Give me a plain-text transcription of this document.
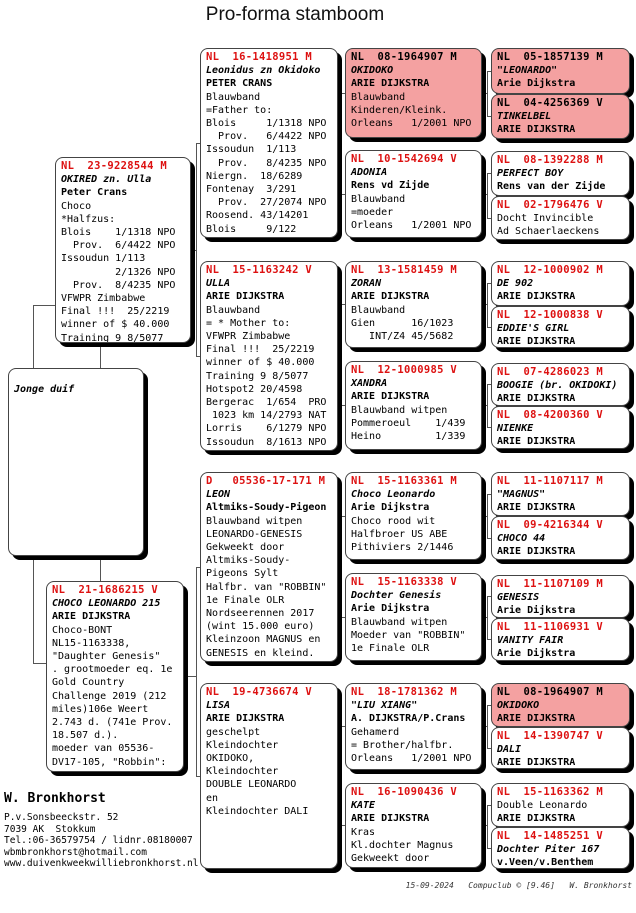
Pro-forma stamboom
W. Bronkhorst
P.v.Sonsbeeckstr. 52
7039 AK  Stokkum
Tel.:06-36579754 / lidnr.08180007
wbmbronkhorst@hotmail.com
www.duivenkweekwilliebronkhorst.nl
15-09-2024   Compuclub © [9.46]   W. Bronkhorst
NL  23-9228544 M
OKIRED zn. Ulla
Peter Crans
Choco
*Halfzus:
Blois    1/1318 NPO
Prov.  6/4422 NPO
Issoudun 1/113
2/1326 NPO
Prov.  8/4235 NPO
VFWPR Zimbabwe
Final !!!  25/2219
winner of $ 40.000
Training 9 8/5077
Jonge duif
NL  21-1686215 V
CHOCO LEONARDO 215
ARIE DIJKSTRA
Choco-BONT
NL15-1163338,
"Daughter Genesis"
. grootmoeder eq. 1e
Gold Country
Challenge 2019 (212
miles)106e Weert
2.743 d. (741e Prov.
18.507 d.).
moeder van 05536-
DV17-105, "Robbin":
NL  16-1418951 M
Leonidus zn Okidoko
PETER CRANS
Blauwband
=Father to:
Blois     1/1318 NPO
Prov.   6/4422 NPO
Issoudun  1/113
Prov.   8/4235 NPO
Niergn.  18/6289
Fontenay  3/291
Prov.  27/2074 NPO
Roosend. 43/14201
Blois     9/122
NL  15-1163242 V
ULLA
ARIE DIJKSTRA
Blauwband
= * Mother to:
VFWPR Zimbabwe
Final !!!  25/2219
winner of $ 40.000
Training 9 8/5077
Hotspot2 20/4598
Bergerac  1/654  PRO
1023 km 14/2793 NAT
Lorris    6/1279 NPO
Issoudun  8/1613 NPO
D   05536-17-171 M
LEON
Altmiks-Soudy-Pigeon
Blauwband witpen
LEONARDO-GENESIS
Gekweekt door
Altmiks-Soudy-
Pigeons Sylt
Halfbr. van "ROBBIN"
1e Finale OLR
Nordseerennen 2017
(wint 15.000 euro)
Kleinzoon MAGNUS en
GENESIS en kleind.
NL  19-4736674 V
LISA
ARIE DIJKSTRA
geschelpt
Kleindochter
OKIDOKO,
Kleindochter
DOUBLE LEONARDO
en
Kleindochter DALI
NL  08-1964907 M
OKIDOKO
ARIE DIJKSTRA
Blauwband
Kinderen/Kleink.
Orleans   1/2001 NPO
NL  10-1542694 V
ADONIA
Rens vd Zijde
Blauwband
=moeder
Orleans   1/2001 NPO
NL  13-1581459 M
ZORAN
ARIE DIJKSTRA
Blauwband
Gien      16/1023
INT/Z4 45/5682
NL  12-1000985 V
XANDRA
ARIE DIJKSTRA
Blauwband witpen
Pommeroeul    1/439
Heino         1/339
NL  15-1163361 M
Choco Leonardo
Arie Dijkstra
Choco rood wit
Halfbroer US ABE
Pithiviers 2/1446
NL  15-1163338 V
Dochter Genesis
Arie Dijkstra
Blauwband witpen
Moeder van "ROBBIN"
1e Finale OLR
NL  18-1781362 M
"LIU XIANG"
A. DIJKSTRA/P.Crans
Gehamerd
= Brother/halfbr.
Orleans   1/2001 NPO
NL  16-1090436 V
KATE
ARIE DIJKSTRA
Kras
Kl.dochter Magnus
Gekweekt door
NL  05-1857139 M
"LEONARDO"
Arie Dijkstra
NL  04-4256369 V
TINKELBEL
ARIE DIJKSTRA
NL  08-1392288 M
PERFECT BOY
Rens van der Zijde
NL  02-1796476 V
Docht Invincible
Ad Schaerlaeckens
NL  12-1000902 M
DE 902
ARIE DIJKSTRA
NL  12-1000838 V
EDDIE'S GIRL
ARIE DIJKSTRA
NL  07-4286023 M
BOOGIE (br. OKIDOKI)
ARIE DIJKSTRA
NL  08-4200360 V
NIENKE
ARIE DIJKSTRA
NL  11-1107117 M
"MAGNUS"
ARIE DIJKSTRA
NL  09-4216344 V
CHOCO 44
ARIE DIJKSTRA
NL  11-1107109 M
GENESIS
Arie Dijkstra
NL  11-1106931 V
VANITY FAIR
Arie Dijkstra
NL  08-1964907 M
OKIDOKO
ARIE DIJKSTRA
NL  14-1390747 V
DALI
ARIE DIJKSTRA
NL  15-1163362 M
Double Leonardo
ARIE DIJKSTRA
NL  14-1485251 V
Dochter Piter 167
v.Veen/v.Benthem
